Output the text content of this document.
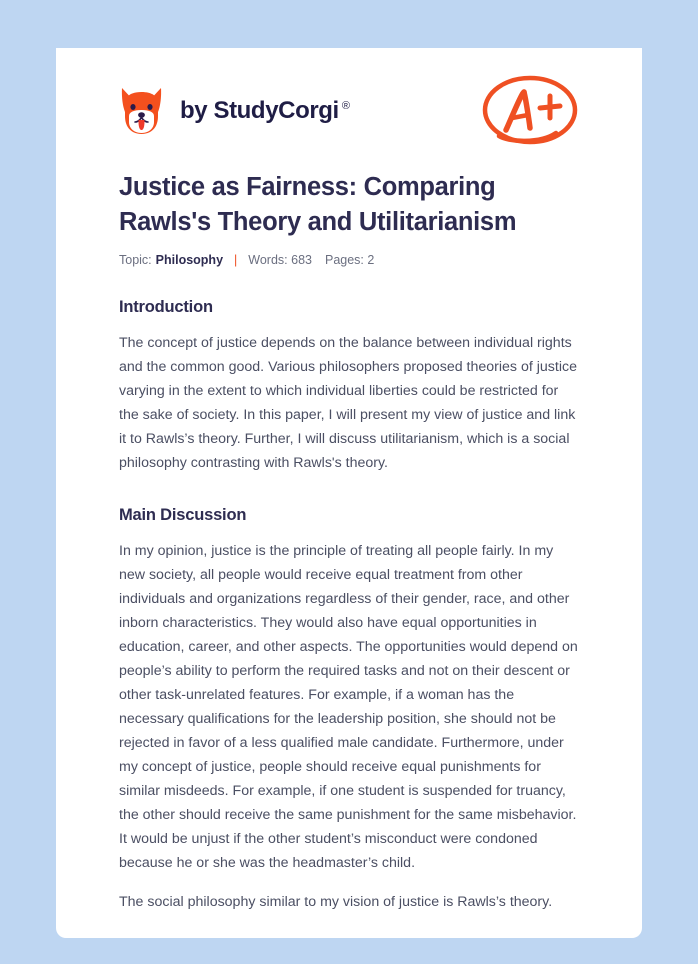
by StudyCorgi ®
Justice as Fairness: Comparing Rawls's Theory and Utilitarianism
Topic: Philosophy | Words: 683 Pages: 2
Introduction

The concept of justice depends on the balance between individual rights and the common good. Various philosophers proposed theories of justice varying in the extent to which individual liberties could be restricted for the sake of society. In this paper, I will present my view of justice and link it to Rawls’s theory. Further, I will discuss utilitarianism, which is a social philosophy contrasting with Rawls's theory.

Main Discussion

In my opinion, justice is the principle of treating all people fairly. In my new society, all people would receive equal treatment from other individuals and organizations regardless of their gender, race, and other inborn characteristics. They would also have equal opportunities in education, career, and other aspects. The opportunities would depend on people’s ability to perform the required tasks and not on their descent or other task-unrelated features. For example, if a woman has the necessary qualifications for the leadership position, she should not be rejected in favor of a less qualified male candidate. Furthermore, under my concept of justice, people should receive equal punishments for similar misdeeds. For example, if one student is suspended for truancy, the other should receive the same punishment for the same misbehavior. It would be unjust if the other student’s misconduct were condoned because he or she was the headmaster’s child.

The social philosophy similar to my vision of justice is Rawls’s theory.
